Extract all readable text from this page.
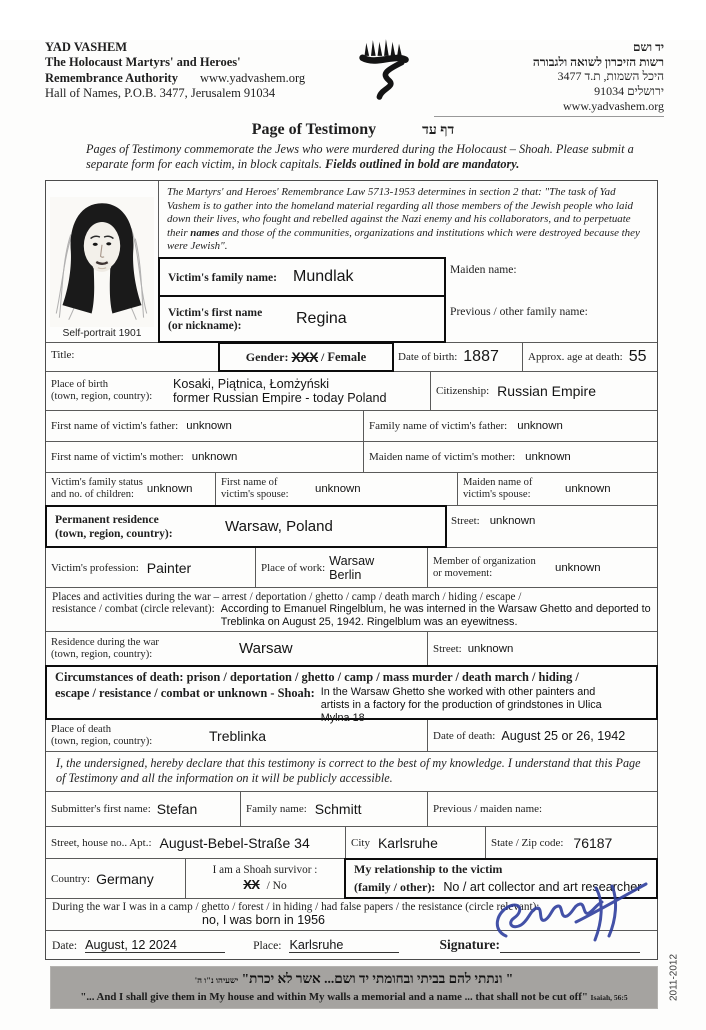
YAD VASHEM
The Holocaust Martyrs' and Heroes'
Remembrance Authority www.yadvashem.org
Hall of Names, P.O.B. 3477, Jerusalem 91034
יד ושם
רשות הזיכרון לשואה ולגבורה
היכל השמות, ת.ד 3477
ירושלים 91034
www.yadvashem.org
Page of Testimony	דף עד
Pages of Testimony commemorate the Jews who were murdered during the Holocaust – Shoah. Please submit a separate form for each victim, in block capitals. Fields outlined in bold are mandatory.
Self-portrait 1901
The Martyrs' and Heroes' Remembrance Law 5713-1953 determines in section 2 that: "The task of Yad Vashem is to gather into the homeland material regarding all those members of the Jewish people who laid down their lives, who fought and rebelled against the Nazi enemy and his collaborators, and to perpetuate their names and those of the communities, organizations and institutions which were destroyed because they were Jewish".
Victim's family name: Mundlak	Maiden name:
Victim's first name
(or nickname):	Regina	Previous / other family name:
Title:	Gender: XXX / Female	Date of birth: 1887	Approx. age at death: 55
Place of birth
(town, region, country):
Kosaki, Piątnica, Łomżyński
former Russian Empire - today Poland	Citizenship: Russian Empire
First name of victim's father: unknown	Family name of victim's father: unknown
First name of victim's mother: unknown	Maiden name of victim's mother: unknown
Victim's family status
and no. of children:	unknown
First name of
victim's spouse:	unknown
Maiden name of
victim's spouse:	unknown
Permanent residence
(town, region, country):	Warsaw, Poland	Street: unknown
Victim's profession: Painter	Place of work: Warsaw
Berlin
Member of organization
or movement:	unknown
Places and activities during the war – arrest / deportation / ghetto / camp / death march / hiding / escape /
resistance / combat (circle relevant): According to Emanuel Ringelblum, he was interned in the Warsaw Ghetto and deported to Treblinka on August 25, 1942. Ringelblum was an eyewitness.
Residence during the war
(town, region, country):	Warsaw	Street: unknown
Circumstances of death: prison / deportation / ghetto / camp / mass murder / death march / hiding /
escape / resistance / combat or unknown - Shoah: In the Warsaw Ghetto she worked with other painters and artists in a factory for the production of grindstones in Ulica Mylna 18
Place of death
(town, region, country):	Treblinka	Date of death: August 25 or 26, 1942
I, the undersigned, hereby declare that this testimony is correct to the best of my knowledge. I understand that this Page of Testimony and all the information on it will be publicly accessible.
Submitter's first name: Stefan	Family name: Schmitt	Previous / maiden name:
Street, house no.. Apt.: August-Bebel-Straße 34	City Karlsruhe	State / Zip code: 76187
Country: Germany
I am a Shoah survivor :
XX / No
My relationship to the victim
(family / other): No / art collector and art researcher
During the war I was in a camp / ghetto / forest / in hiding / had false papers / the resistance (circle relevant):
no, I was born in 1956
Date: August, 12 2024	Place: Karlsruhe	Signature:
" ונתתי להם בביתי ובחומתי יד ושם... אשר לא יכרת" ישעיהו נ"ו ה'
"... And I shall give them in My house and within My walls a memorial and a name ... that shall not be cut off" Isaiah, 56:5	2011-2012
